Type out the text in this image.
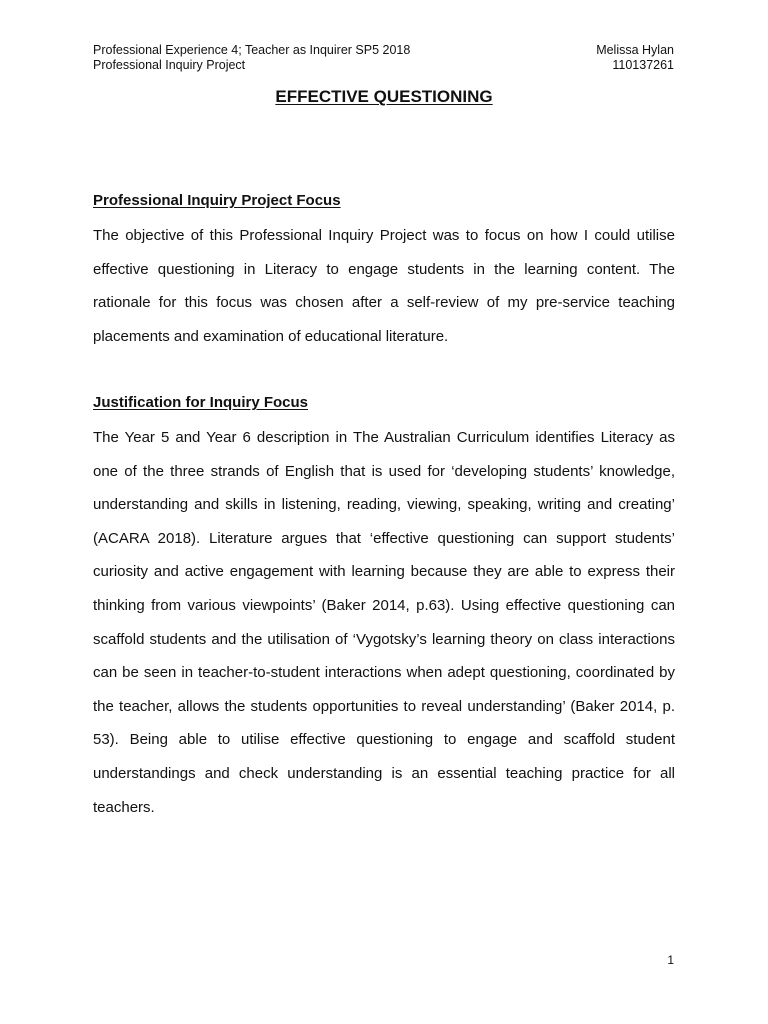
Professional Experience 4; Teacher as Inquirer SP5 2018	Melissa Hylan
Professional Inquiry Project	110137261
EFFECTIVE QUESTIONING
Professional Inquiry Project Focus

The objective of this Professional Inquiry Project was to focus on how I could utilise effective questioning in Literacy to engage students in the learning content. The rationale for this focus was chosen after a self-review of my pre-service teaching placements and examination of educational literature.

Justification for Inquiry Focus

The Year 5 and Year 6 description in The Australian Curriculum identifies Literacy as one of the three strands of English that is used for ‘developing students’ knowledge, understanding and skills in listening, reading, viewing, speaking, writing and creating’ (ACARA 2018). Literature argues that ‘effective questioning can support students’ curiosity and active engagement with learning because they are able to express their thinking from various viewpoints’ (Baker 2014, p.63). Using effective questioning can scaffold students and the utilisation of ‘Vygotsky’s learning theory on class interactions can be seen in teacher-to-student interactions when adept questioning, coordinated by the teacher, allows the students opportunities to reveal understanding’ (Baker 2014, p. 53). Being able to utilise effective questioning to engage and scaffold student understandings and check understanding is an essential teaching practice for all teachers.

1
